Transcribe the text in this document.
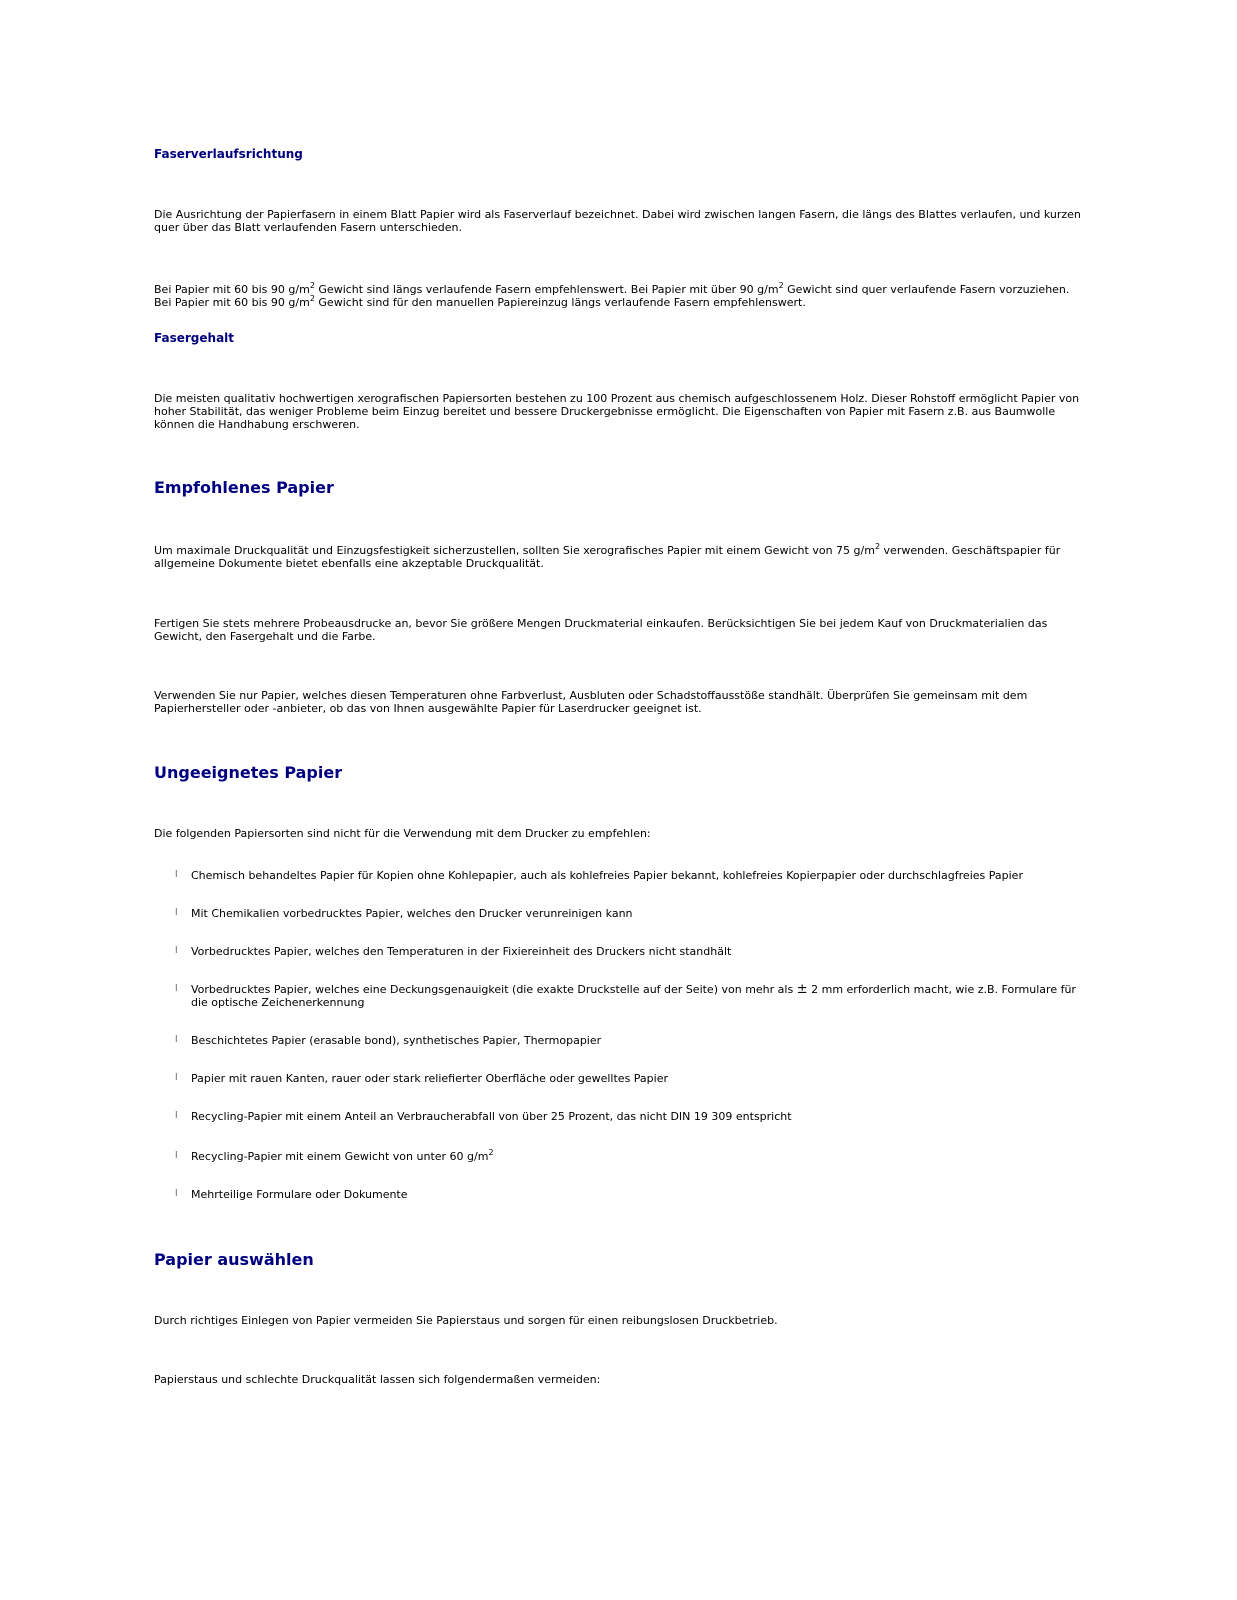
Faserverlaufsrichtung

Die Ausrichtung der Papierfasern in einem Blatt Papier wird als Faserverlauf bezeichnet. Dabei wird zwischen langen Fasern, die längs des Blattes verlaufen, und kurzen quer über das Blatt verlaufenden Fasern unterschieden.

Bei Papier mit 60 bis 90 $g/m^2$ Gewicht sind längs verlaufende Fasern empfehlenswert. Bei Papier mit über 90 $g/m^2$ Gewicht sind quer verlaufende Fasern vorzuziehen. Bei Papier mit 60 bis 90 $g/m^2$ Gewicht sind für den manuellen Papiereinzug längs verlaufende Fasern empfehlenswert.

Fasergehalt

Die meisten qualitativ hochwertigen xerografischen Papiersorten bestehen zu 100 Prozent aus chemisch aufgeschlossenem Holz. Dieser Rohstoff ermöglicht Papier von hoher Stabilität, das weniger Probleme beim Einzug bereitet und bessere Druckergebnisse ermöglicht. Die Eigenschaften von Papier mit Fasern z.B. aus Baumwolle können die Handhabung erschweren.

Empfohlenes Papier

Um maximale Druckqualität und Einzugsfestigkeit sicherzustellen, sollten Sie xerografisches Papier mit einem Gewicht von 75 $g/m^2$ verwenden. Geschäftspapier für allgemeine Dokumente bietet ebenfalls eine akzeptable Druckqualität.

Fertigen Sie stets mehrere Probeausdrucke an, bevor Sie größere Mengen Druckmaterial einkaufen. Berücksichtigen Sie bei jedem Kauf von Druckmaterialien das Gewicht, den Fasergehalt und die Farbe.

Verwenden Sie nur Papier, welches diesen Temperaturen ohne Farbverlust, Ausbluten oder Schadstoffausstöße standhält. Überprüfen Sie gemeinsam mit dem Papierhersteller oder -anbieter, ob das von Ihnen ausgewählte Papier für Laserdrucker geeignet ist.

Ungeeignetes Papier

Die folgenden Papiersorten sind nicht für die Verwendung mit dem Drucker zu empfehlen:

l Chemisch behandeltes Papier für Kopien ohne Kohlepapier, auch als kohlefreies Papier bekannt, kohlefreies Kopierpapier oder durchschlagfreies Papier
l Mit Chemikalien vorbedrucktes Papier, welches den Drucker verunreinigen kann
l Vorbedrucktes Papier, welches den Temperaturen in der Fixiereinheit des Druckers nicht standhält
l Vorbedrucktes Papier, welches eine Deckungsgenauigkeit (die exakte Druckstelle auf der Seite) von mehr als ± 2 mm erforderlich macht, wie z.B. Formulare für die optische Zeichenerkennung
l Beschichtetes Papier (erasable bond), synthetisches Papier, Thermopapier
l Papier mit rauen Kanten, rauer oder stark reliefierter Oberfläche oder gewelltes Papier
l Recycling-Papier mit einem Anteil an Verbraucherabfall von über 25 Prozent, das nicht DIN 19 309 entspricht
l Recycling-Papier mit einem Gewicht von unter 60 $g/m^2$
l Mehrteilige Formulare oder Dokumente
Papier auswählen

Durch richtiges Einlegen von Papier vermeiden Sie Papierstaus und sorgen für einen reibungslosen Druckbetrieb.

Papierstaus und schlechte Druckqualität lassen sich folgendermaßen vermeiden:
